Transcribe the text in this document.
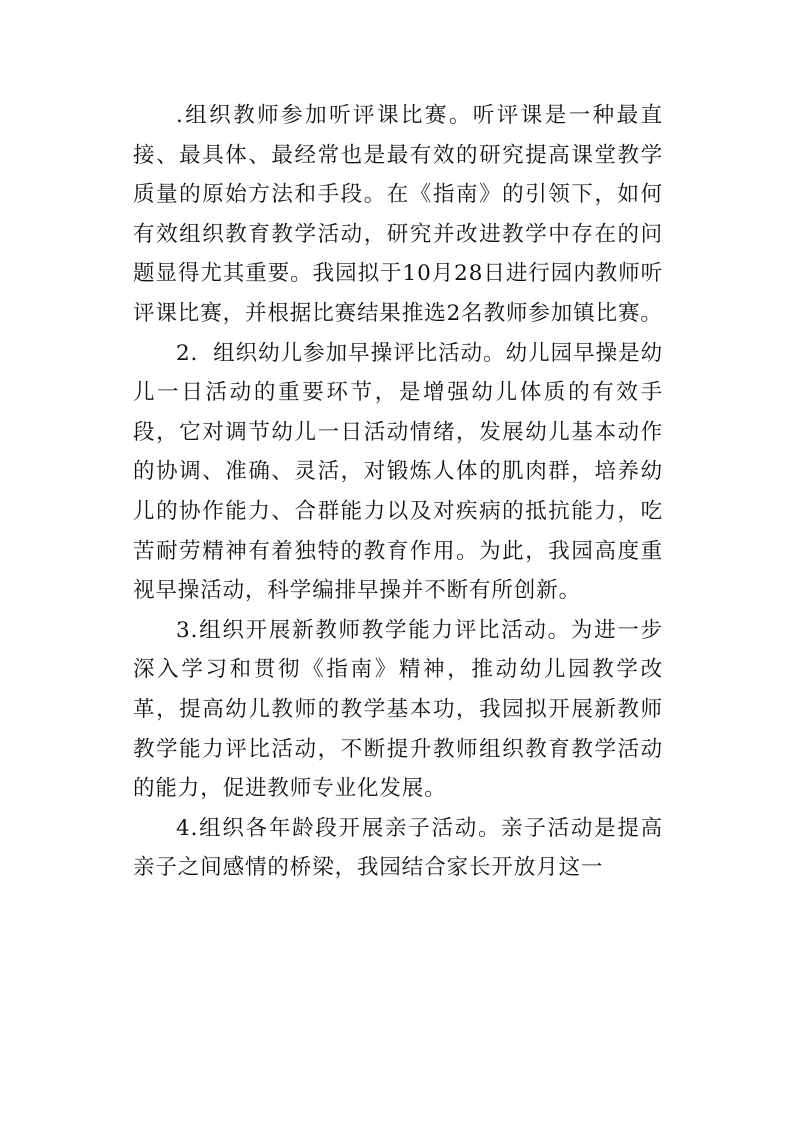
.组织教师参加听评课比赛。听评课是一种最直接、最具体、最经常也是最有效的研究提高课堂教学质量的原始方法和手段。在《指南》的引领下，如何有效组织教育教学活动，研究并改进教学中存在的问题显得尤其重要。我园拟于10月28日进行园内教师听评课比赛，并根据比赛结果推选2名教师参加镇比赛。

2．组织幼儿参加早操评比活动。幼儿园早操是幼儿一日活动的重要环节，是增强幼儿体质的有效手段，它对调节幼儿一日活动情绪，发展幼儿基本动作的协调、准确、灵活，对锻炼人体的肌肉群，培养幼儿的协作能力、合群能力以及对疾病的抵抗能力，吃苦耐劳精神有着独特的教育作用。为此，我园高度重视早操活动，科学编排早操并不断有所创新。

3.组织开展新教师教学能力评比活动。为进一步深入学习和贯彻《指南》精神，推动幼儿园教学改革，提高幼儿教师的教学基本功，我园拟开展新教师教学能力评比活动，不断提升教师组织教育教学活动的能力，促进教师专业化发展。

4.组织各年龄段开展亲子活动。亲子活动是提高亲子之间感情的桥梁，我园结合家长开放月这一
